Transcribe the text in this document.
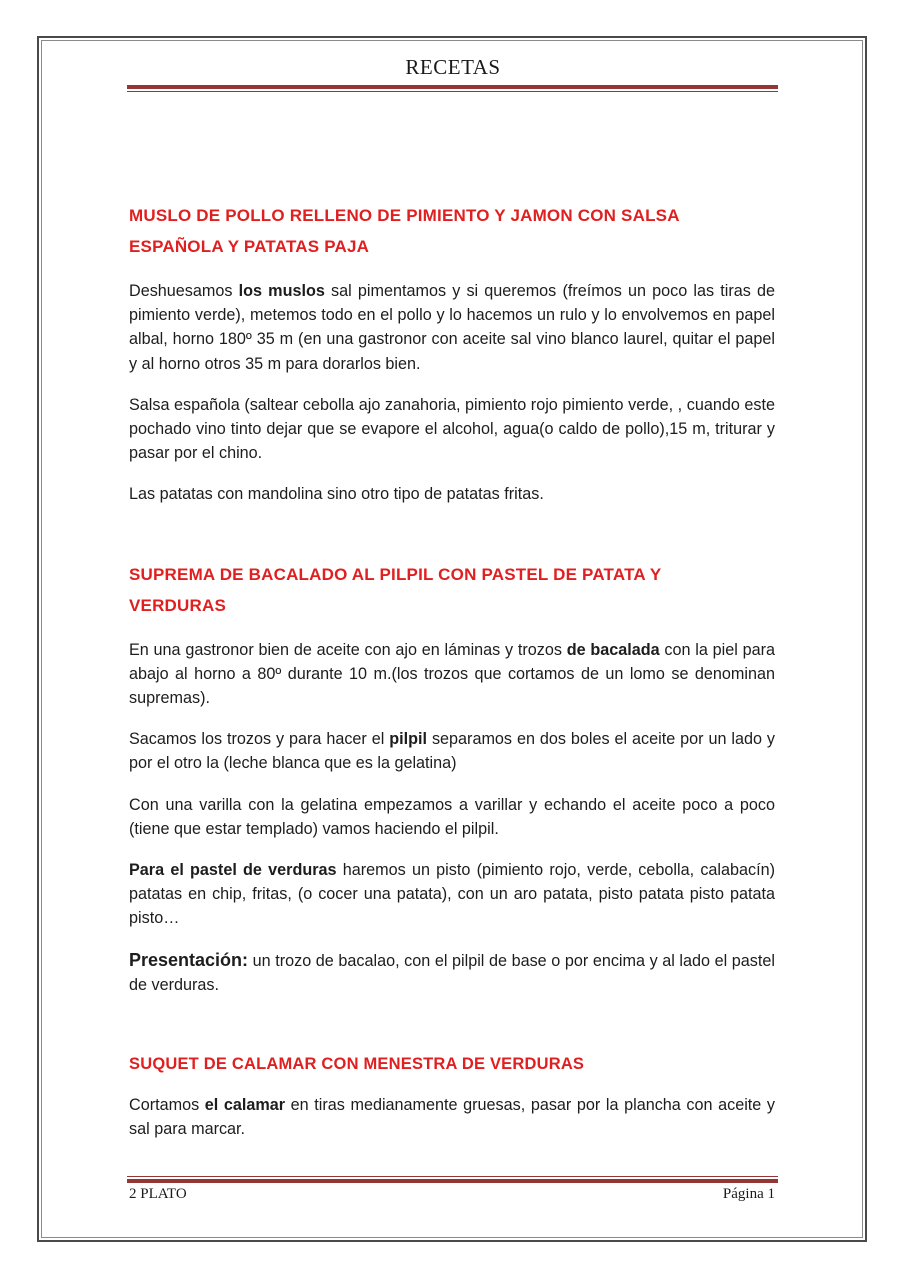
RECETAS
MUSLO DE POLLO RELLENO DE PIMIENTO Y JAMON CON SALSA
ESPAÑOLA Y PATATAS PAJA

Deshuesamos los muslos sal pimentamos y si queremos (freímos un poco las tiras de pimiento verde), metemos todo en el pollo y lo hacemos un rulo y lo envolvemos en papel albal, horno 180º 35 m (en una gastronor con aceite sal vino blanco laurel, quitar el papel y al horno otros 35 m para dorarlos bien.

Salsa española (saltear cebolla ajo zanahoria, pimiento rojo pimiento verde, , cuando este pochado vino tinto dejar que se evapore el alcohol, agua(o caldo de pollo),15 m, triturar y pasar por el chino.

Las patatas con mandolina sino otro tipo de patatas fritas.

SUPREMA DE BACALADO AL PILPIL CON PASTEL DE PATATA Y
VERDURAS

En una gastronor bien de aceite con ajo en láminas y trozos de bacalada con la piel para abajo al horno a 80º durante 10 m.(los trozos que cortamos de un lomo se denominan supremas).

Sacamos los trozos y para hacer el pilpil separamos en dos boles el aceite por un lado y por el otro la (leche blanca que es la gelatina)

Con una varilla con la gelatina empezamos a varillar y echando el aceite poco a poco (tiene que estar templado) vamos haciendo el pilpil.

Para el pastel de verduras haremos un pisto (pimiento rojo, verde, cebolla, calabacín) patatas en chip, fritas, (o cocer una patata), con un aro patata, pisto patata pisto patata pisto…

Presentación: un trozo de bacalao, con el pilpil de base o por encima y al lado el pastel de verduras.

SUQUET DE CALAMAR CON MENESTRA DE VERDURAS

Cortamos el calamar en tiras medianamente gruesas, pasar por la plancha con aceite y sal para marcar.

2 PLATO	Página 1
